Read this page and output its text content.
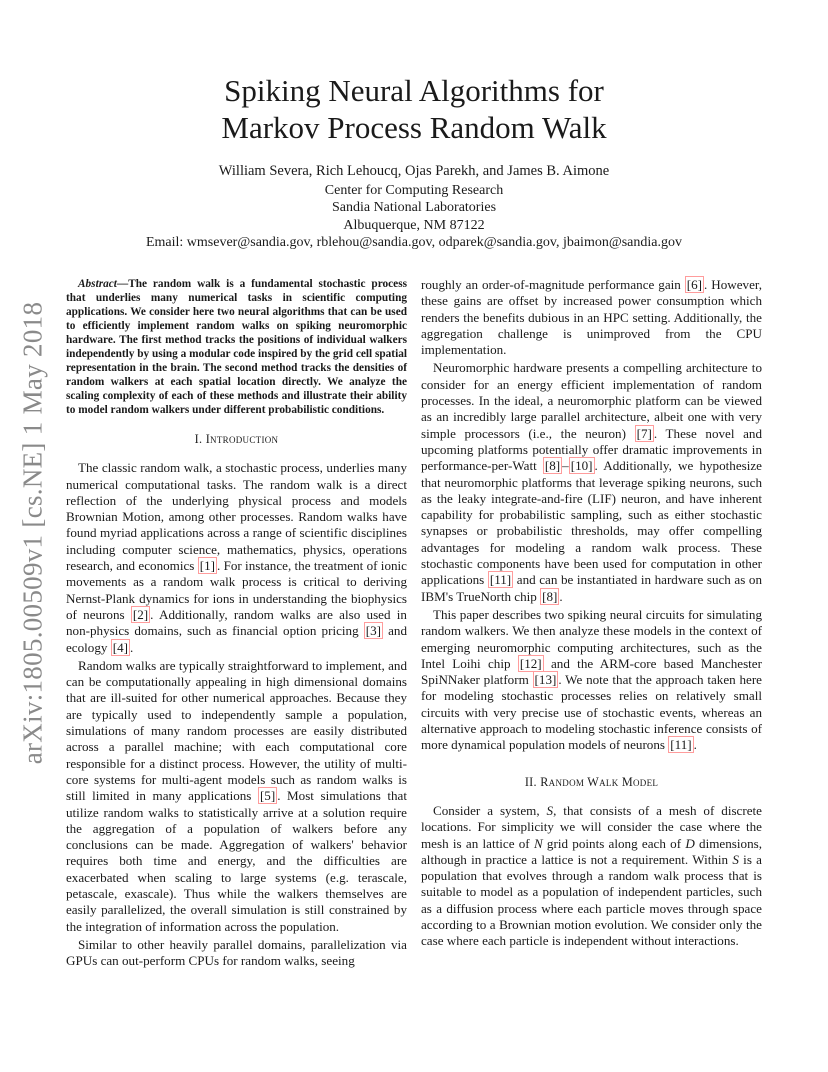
Spiking Neural Algorithms for
Markov Process Random Walk
William Severa, Rich Lehoucq, Ojas Parekh, and James B. Aimone
Center for Computing Research
Sandia National Laboratories
Albuquerque, NM 87122
Email: wmsever@sandia.gov, rblehou@sandia.gov, odparek@sandia.gov, jbaimon@sandia.gov
arXiv:1805.00509v1 [cs.NE] 1 May 2018

Abstract—The random walk is a fundamental stochastic process that underlies many numerical tasks in scientific computing applications. We consider here two neural algorithms that can be used to efficiently implement random walks on spiking neuromorphic hardware. The first method tracks the positions of individual walkers independently by using a modular code inspired by the grid cell spatial representation in the brain. The second method tracks the densities of random walkers at each spatial location directly. We analyze the scaling complexity of each of these methods and illustrate their ability to model random walkers under different probabilistic conditions.

I. Introduction

The classic random walk, a stochastic process, underlies many numerical computational tasks. The random walk is a direct reflection of the underlying physical process and models Brownian Motion, among other processes. Random walks have found myriad applications across a range of scientific disciplines including computer science, mathematics, physics, operations research, and economics [1] . For instance, the treatment of ionic movements as a random walk process is critical to deriving Nernst-Plank dynamics for ions in understanding the biophysics of neurons [2] . Additionally, random walks are also used in non-physics domains, such as financial option pricing [3] and ecology [4] .

Random walks are typically straightforward to implement, and can be computationally appealing in high dimensional domains that are ill-suited for other numerical approaches. Because they are typically used to independently sample a population, simulations of many random processes are easily distributed across a parallel machine; with each computational core responsible for a distinct process. However, the utility of multi-core systems for multi-agent models such as random walks is still limited in many applications [5] . Most simulations that utilize random walks to statistically arrive at a solution require the aggregation of a population of walkers before any conclusions can be made. Aggregation of walkers' behavior requires both time and energy, and the difficulties are exacerbated when scaling to large systems (e.g. terascale, petascale, exascale). Thus while the walkers themselves are easily parallelized, the overall simulation is still constrained by the integration of information across the population.

Similar to other heavily parallel domains, parallelization via GPUs can out-perform CPUs for random walks, seeing

roughly an order-of-magnitude performance gain [6] . However, these gains are offset by increased power consumption which renders the benefits dubious in an HPC setting. Additionally, the aggregation challenge is unimproved from the CPU implementation.

Neuromorphic hardware presents a compelling architecture to consider for an energy efficient implementation of random processes. In the ideal, a neuromorphic platform can be viewed as an incredibly large parallel architecture, albeit one with very simple processors (i.e., the neuron) [7] . These novel and upcoming platforms potentially offer dramatic improvements in performance-per-Watt [8] – [10] . Additionally, we hypothesize that neuromorphic platforms that leverage spiking neurons, such as the leaky integrate-and-fire (LIF) neuron, and have inherent capability for probabilistic sampling, such as either stochastic synapses or probabilistic thresholds, may offer compelling advantages for modeling a random walk process. These stochastic components have been used for computation in other applications [11] and can be instantiated in hardware such as on IBM's TrueNorth chip [8] .

This paper describes two spiking neural circuits for simulating random walkers. We then analyze these models in the context of emerging neuromorphic computing architectures, such as the Intel Loihi chip [12] and the ARM-core based Manchester SpiNNaker platform [13] . We note that the approach taken here for modeling stochastic processes relies on relatively small circuits with very precise use of stochastic events, whereas an alternative approach to modeling stochastic inference consists of more dynamical population models of neurons [11] .

II. Random Walk Model

Consider a system, S, that consists of a mesh of discrete locations. For simplicity we will consider the case where the mesh is an lattice of N grid points along each of D dimensions, although in practice a lattice is not a requirement. Within S is a population that evolves through a random walk process that is suitable to model as a population of independent particles, such as a diffusion process where each particle moves through space according to a Brownian motion evolution. We consider only the case where each particle is independent without interactions.
